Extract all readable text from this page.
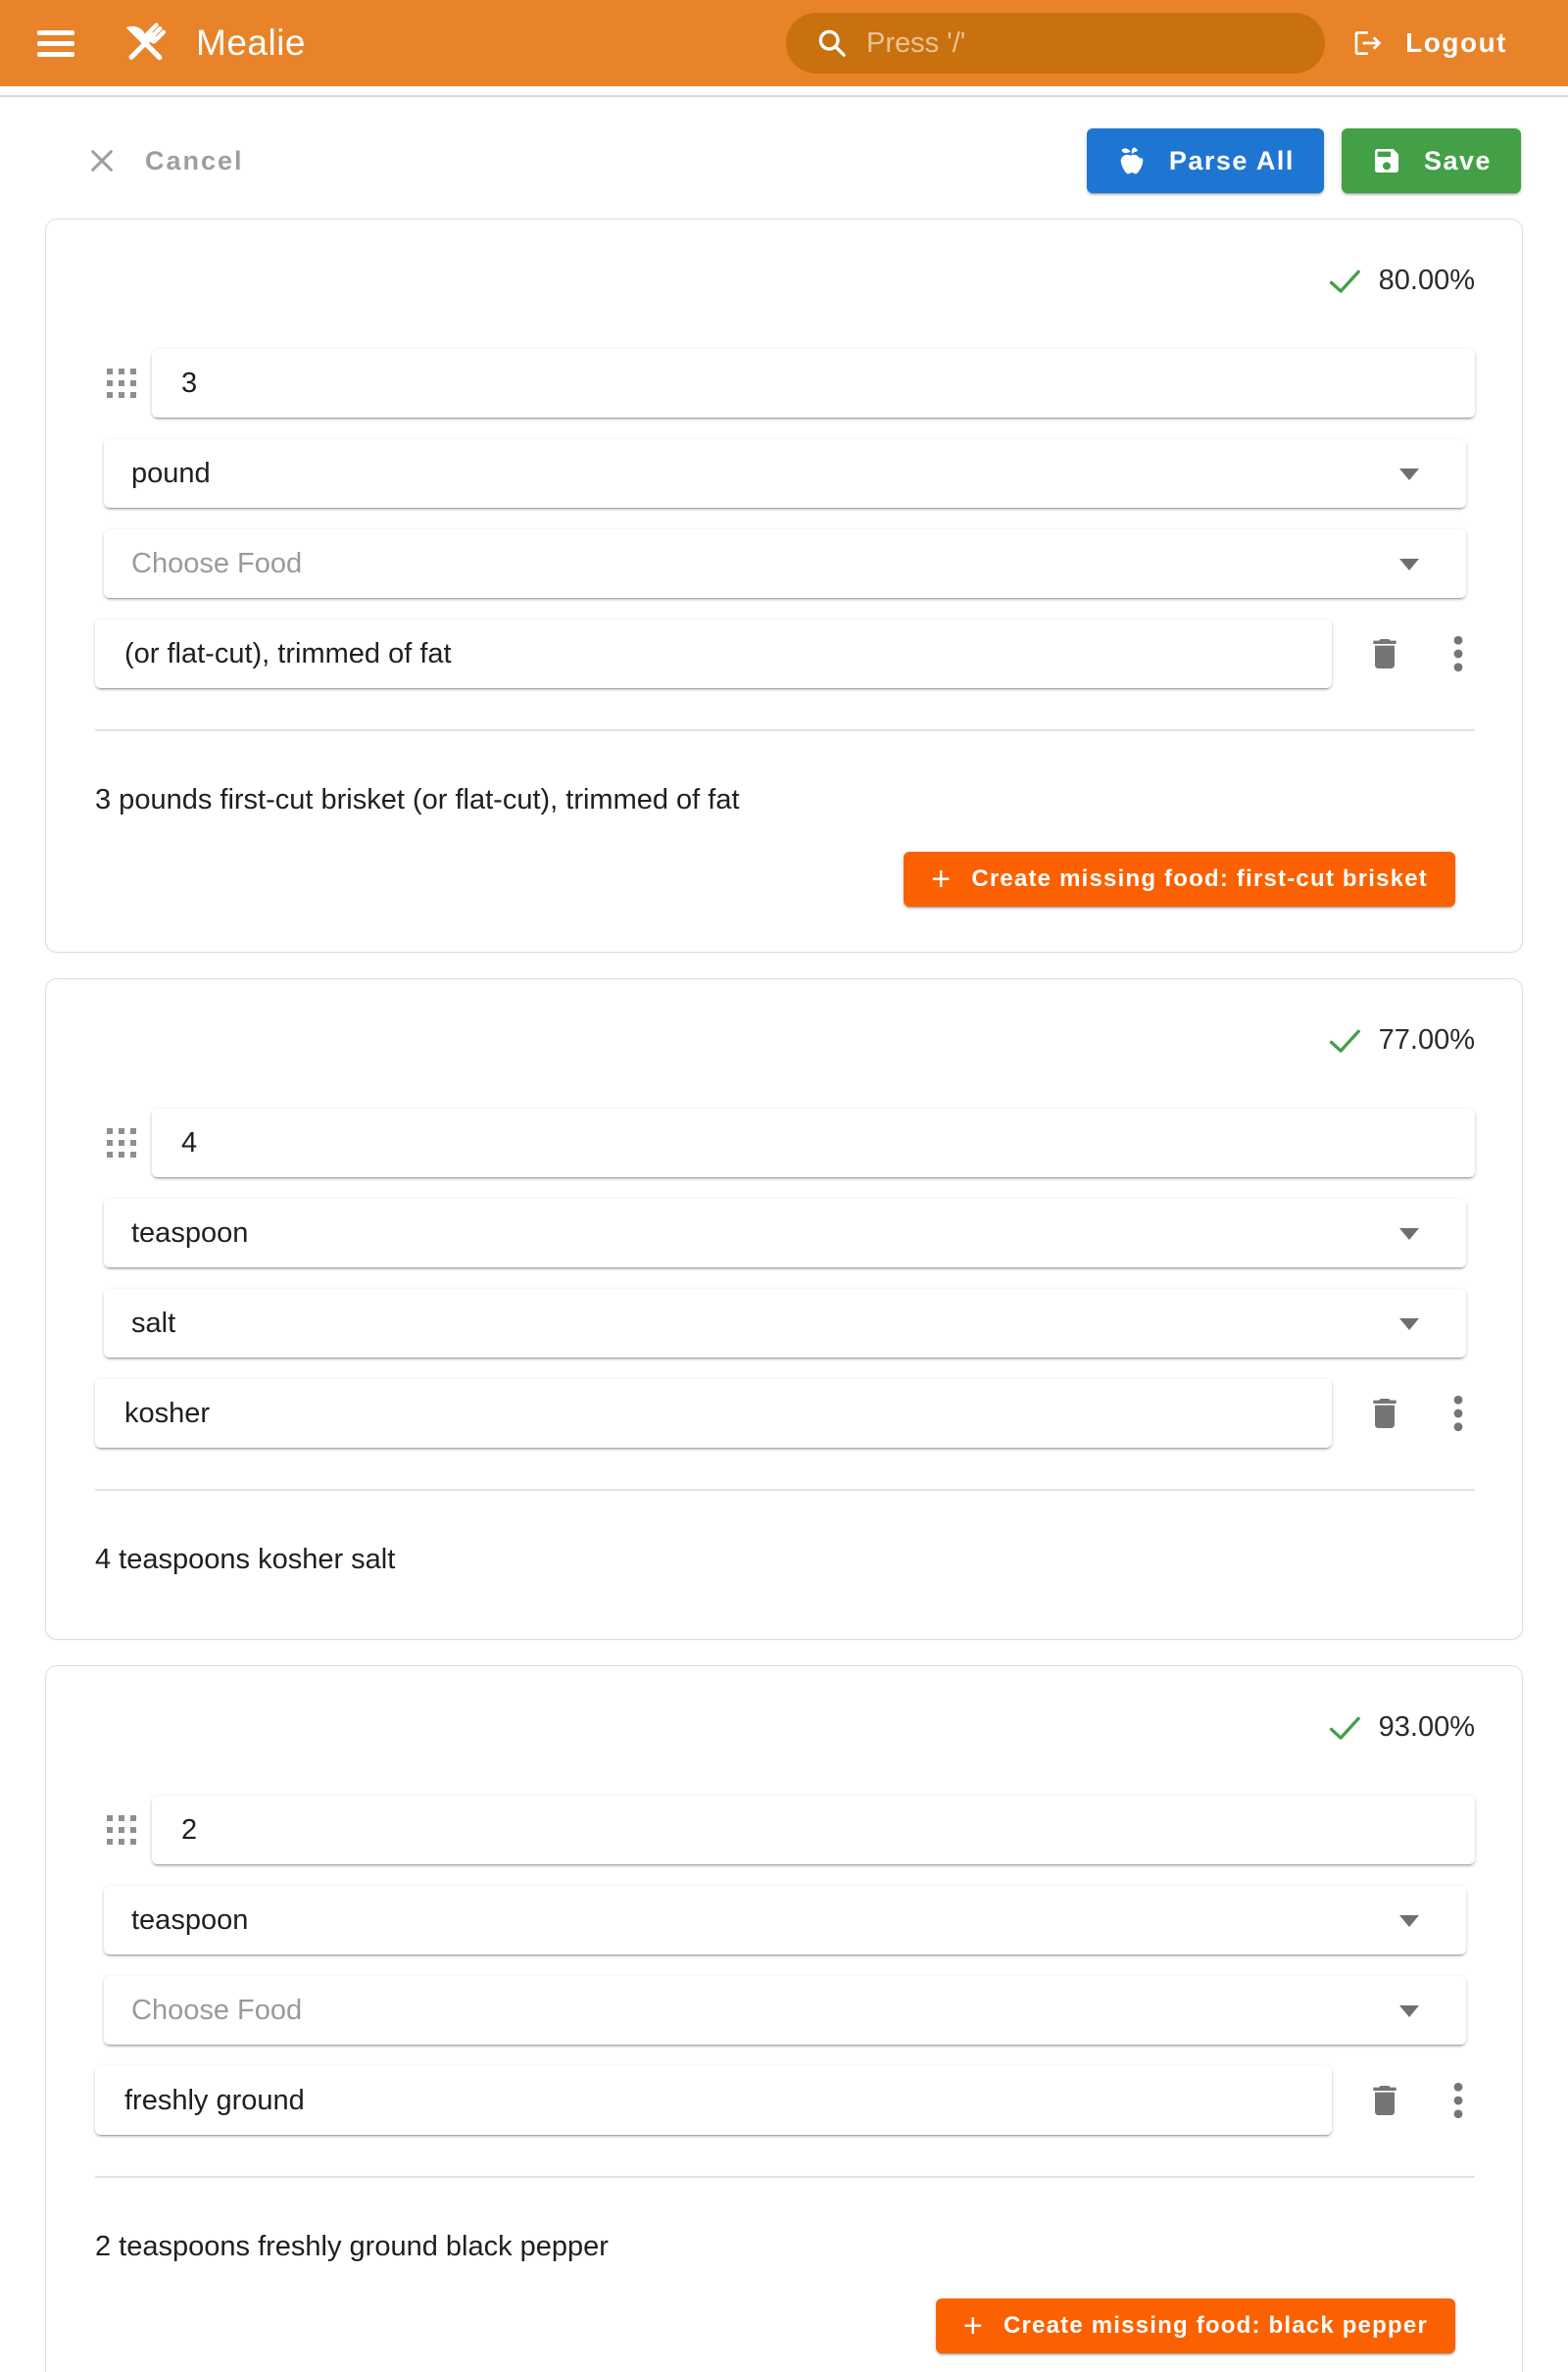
Mealie	Press '/'	Logout
Cancel	Parse All	Save
80.00%
3
pound
Choose Food
(or flat-cut), trimmed of fat
3 pounds first-cut brisket (or flat-cut), trimmed of fat
+ Create missing food: first-cut brisket
77.00%
4
teaspoon
salt
kosher
4 teaspoons kosher salt
93.00%
2
teaspoon
Choose Food
freshly ground
2 teaspoons freshly ground black pepper
+ Create missing food: black pepper
